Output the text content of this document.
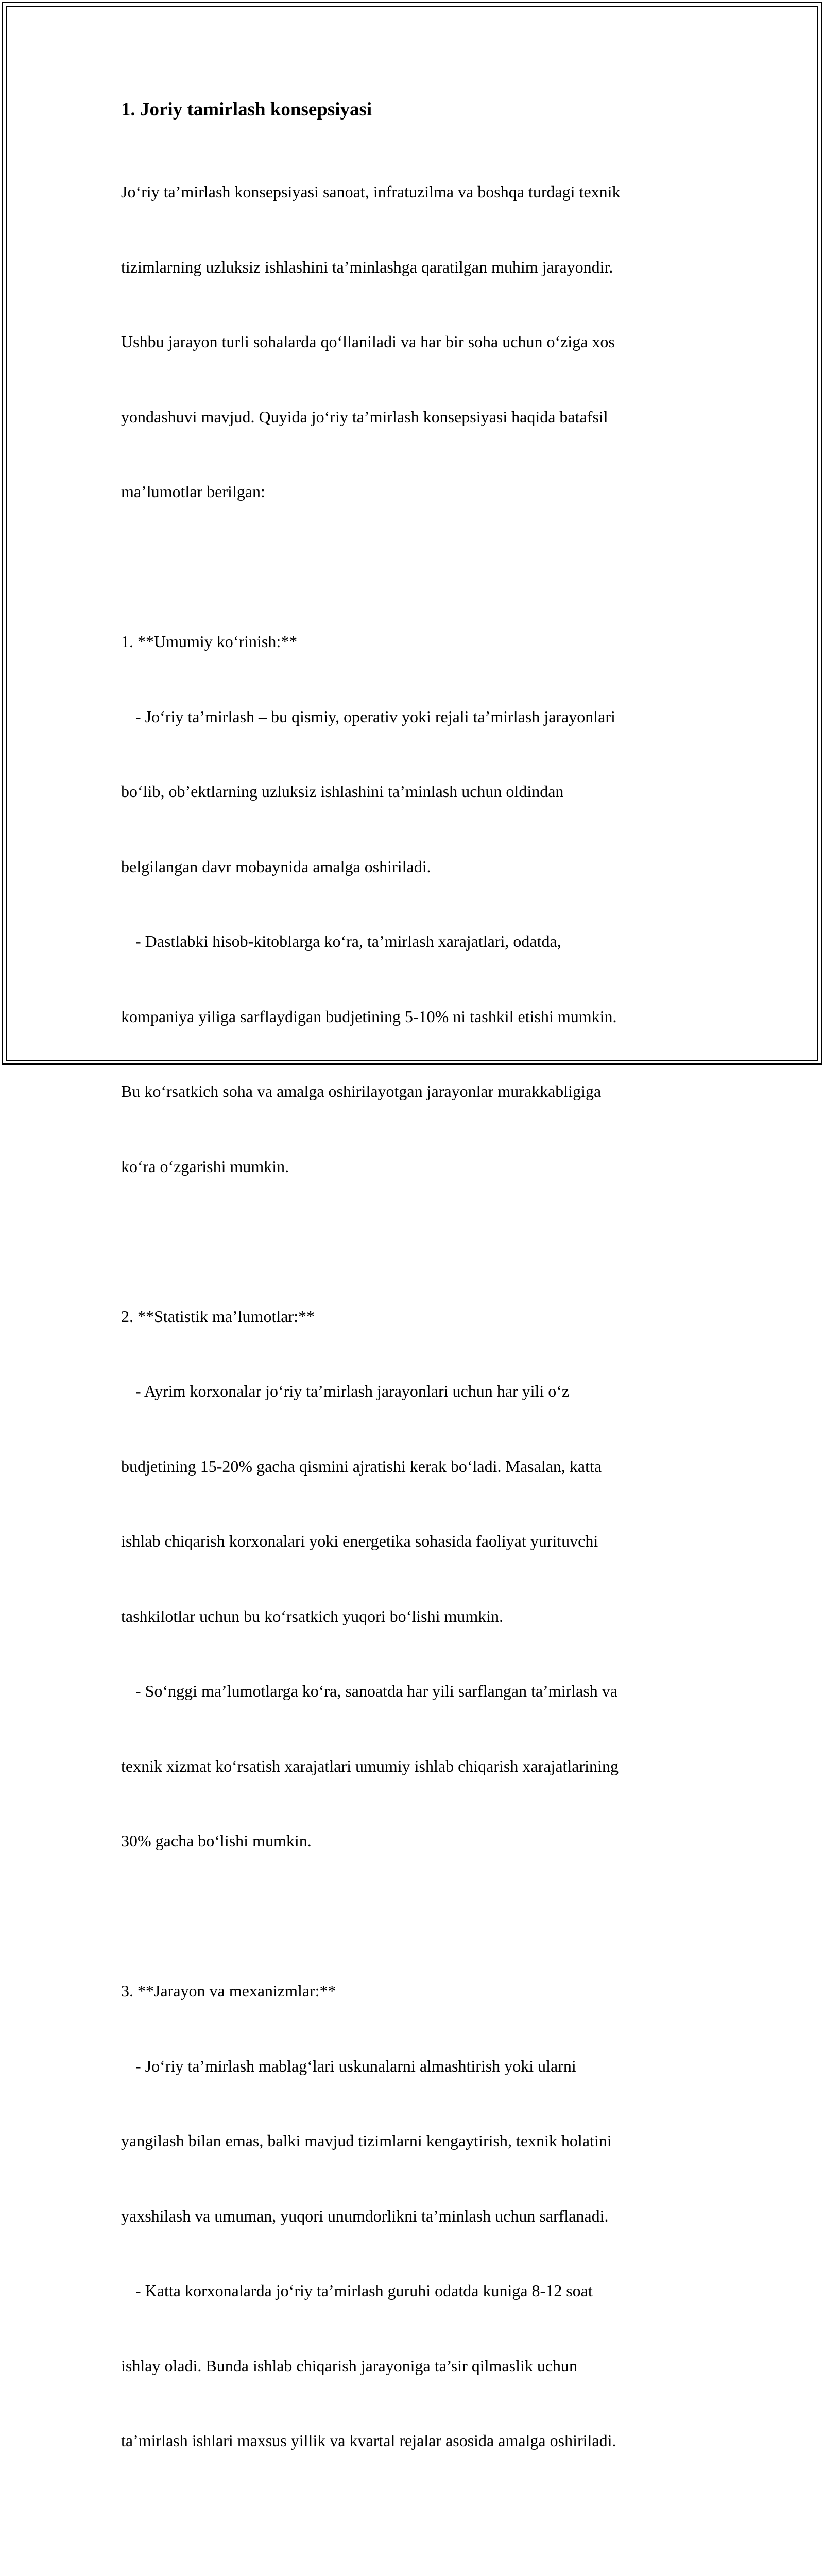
1. Joriy tamirlash konsepsiyasi

Jo‘riy ta’mirlash konsepsiyasi sanoat, infratuzilma va boshqa turdagi texnik

tizimlarning uzluksiz ishlashini ta’minlashga qaratilgan muhim jarayondir.

Ushbu jarayon turli sohalarda qo‘llaniladi va har bir soha uchun o‘ziga xos

yondashuvi mavjud. Quyida jo‘riy ta’mirlash konsepsiyasi haqida batafsil

ma’lumotlar berilgan:

1. **Umumiy ko‘rinish:**

- Jo‘riy ta’mirlash – bu qismiy, operativ yoki rejali ta’mirlash jarayonlari

bo‘lib, ob’ektlarning uzluksiz ishlashini ta’minlash uchun oldindan

belgilangan davr mobaynida amalga oshiriladi.

- Dastlabki hisob-kitoblarga ko‘ra, ta’mirlash xarajatlari, odatda,

kompaniya yiliga sarflaydigan budjetining 5-10% ni tashkil etishi mumkin.

Bu ko‘rsatkich soha va amalga oshirilayotgan jarayonlar murakkabligiga

ko‘ra o‘zgarishi mumkin.

2. **Statistik ma’lumotlar:**

- Ayrim korxonalar jo‘riy ta’mirlash jarayonlari uchun har yili o‘z

budjetining 15-20% gacha qismini ajratishi kerak bo‘ladi. Masalan, katta

ishlab chiqarish korxonalari yoki energetika sohasida faoliyat yurituvchi

tashkilotlar uchun bu ko‘rsatkich yuqori bo‘lishi mumkin.

- So‘nggi ma’lumotlarga ko‘ra, sanoatda har yili sarflangan ta’mirlash va

texnik xizmat ko‘rsatish xarajatlari umumiy ishlab chiqarish xarajatlarining

30% gacha bo‘lishi mumkin.

3. **Jarayon va mexanizmlar:**

- Jo‘riy ta’mirlash mablag‘lari uskunalarni almashtirish yoki ularni

yangilash bilan emas, balki mavjud tizimlarni kengaytirish, texnik holatini

yaxshilash va umuman, yuqori unumdorlikni ta’minlash uchun sarflanadi.

- Katta korxonalarda jo‘riy ta’mirlash guruhi odatda kuniga 8-12 soat

ishlay oladi. Bunda ishlab chiqarish jarayoniga ta’sir qilmaslik uchun

ta’mirlash ishlari maxsus yillik va kvartal rejalar asosida amalga oshiriladi.
